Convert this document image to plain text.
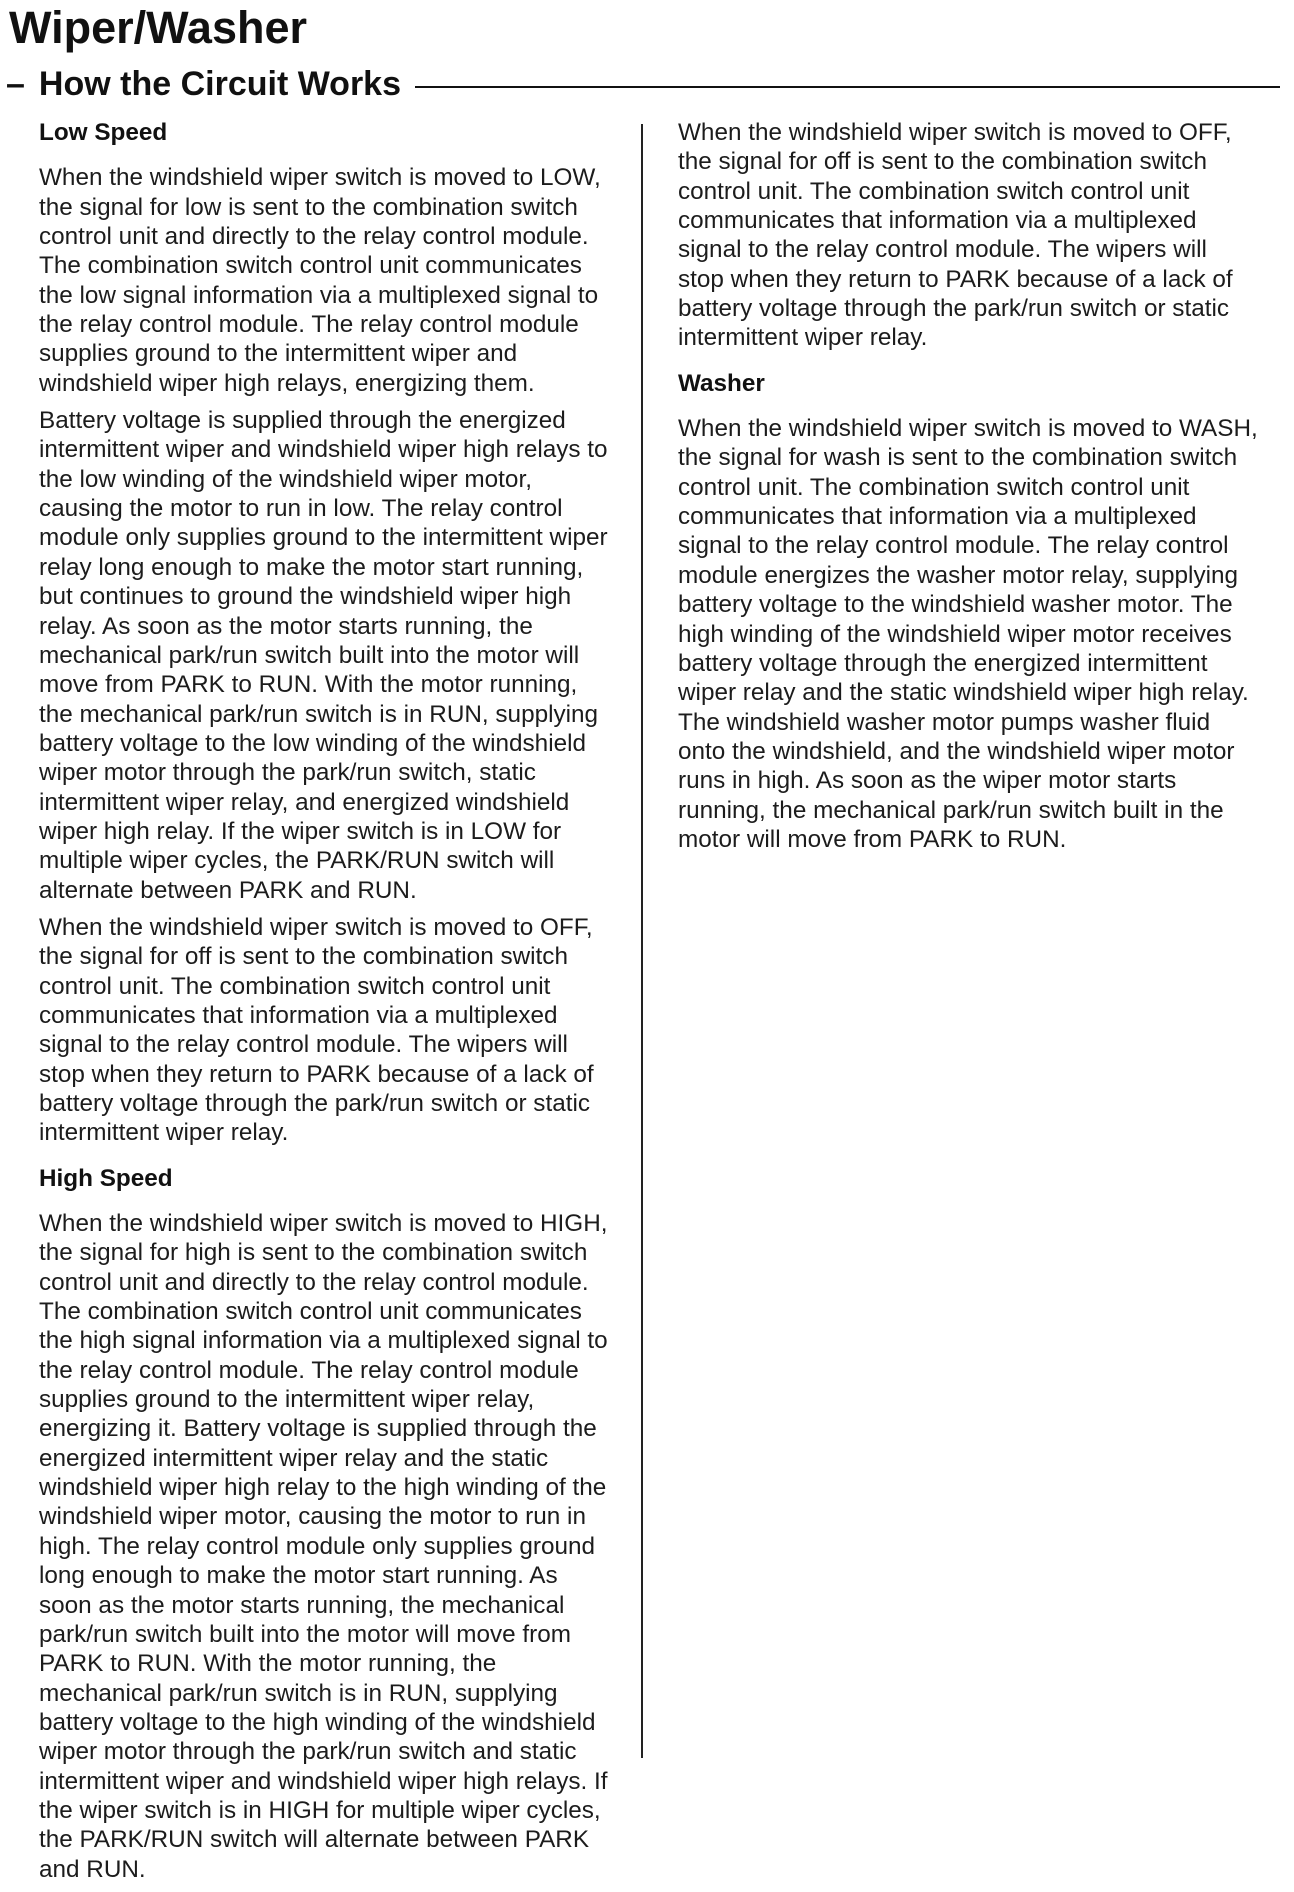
Wiper/Washer
– How the Circuit Works
Low Speed

When the windshield wiper switch is moved to LOW, the signal for low is sent to the combination switch control unit and directly to the relay control module. The combination switch control unit communicates the low signal information via a multiplexed signal to the relay control module. The relay control module supplies ground to the intermittent wiper and windshield wiper high relays, energizing them.

Battery voltage is supplied through the energized intermittent wiper and windshield wiper high relays to the low winding of the windshield wiper motor, causing the motor to run in low. The relay control module only supplies ground to the intermittent wiper relay long enough to make the motor start running, but continues to ground the windshield wiper high relay. As soon as the motor starts running, the mechanical park/run switch built into the motor will move from PARK to RUN. With the motor running, the mechanical park/run switch is in RUN, supplying battery voltage to the low winding of the windshield wiper motor through the park/run switch, static intermittent wiper relay, and energized windshield wiper high relay. If the wiper switch is in LOW for multiple wiper cycles, the PARK/RUN switch will alternate between PARK and RUN.

When the windshield wiper switch is moved to OFF, the signal for off is sent to the combination switch control unit. The combination switch control unit communicates that information via a multiplexed signal to the relay control module. The wipers will stop when they return to PARK because of a lack of battery voltage through the park/run switch or static intermittent wiper relay.

High Speed

When the windshield wiper switch is moved to HIGH, the signal for high is sent to the combination switch control unit and directly to the relay control module. The combination switch control unit communicates the high signal information via a multiplexed signal to the relay control module. The relay control module supplies ground to the intermittent wiper relay, energizing it. Battery voltage is supplied through the energized intermittent wiper relay and the static windshield wiper high relay to the high winding of the windshield wiper motor, causing the motor to run in high. The relay control module only supplies ground long enough to make the motor start running. As soon as the motor starts running, the mechanical park/run switch built into the motor will move from PARK to RUN. With the motor running, the mechanical park/run switch is in RUN, supplying battery voltage to the high winding of the windshield wiper motor through the park/run switch and static intermittent wiper and windshield wiper high relays. If the wiper switch is in HIGH for multiple wiper cycles, the PARK/RUN switch will alternate between PARK and RUN.

When the windshield wiper switch is moved to OFF, the signal for off is sent to the combination switch control unit. The combination switch control unit communicates that information via a multiplexed signal to the relay control module. The wipers will stop when they return to PARK because of a lack of battery voltage through the park/run switch or static intermittent wiper relay.

Washer

When the windshield wiper switch is moved to WASH, the signal for wash is sent to the combination switch control unit. The combination switch control unit communicates that information via a multiplexed signal to the relay control module. The relay control module energizes the washer motor relay, supplying battery voltage to the windshield washer motor. The high winding of the windshield wiper motor receives battery voltage through the energized intermittent wiper relay and the static windshield wiper high relay. The windshield washer motor pumps washer fluid onto the windshield, and the windshield wiper motor runs in high. As soon as the wiper motor starts running, the mechanical park/run switch built in the motor will move from PARK to RUN.
